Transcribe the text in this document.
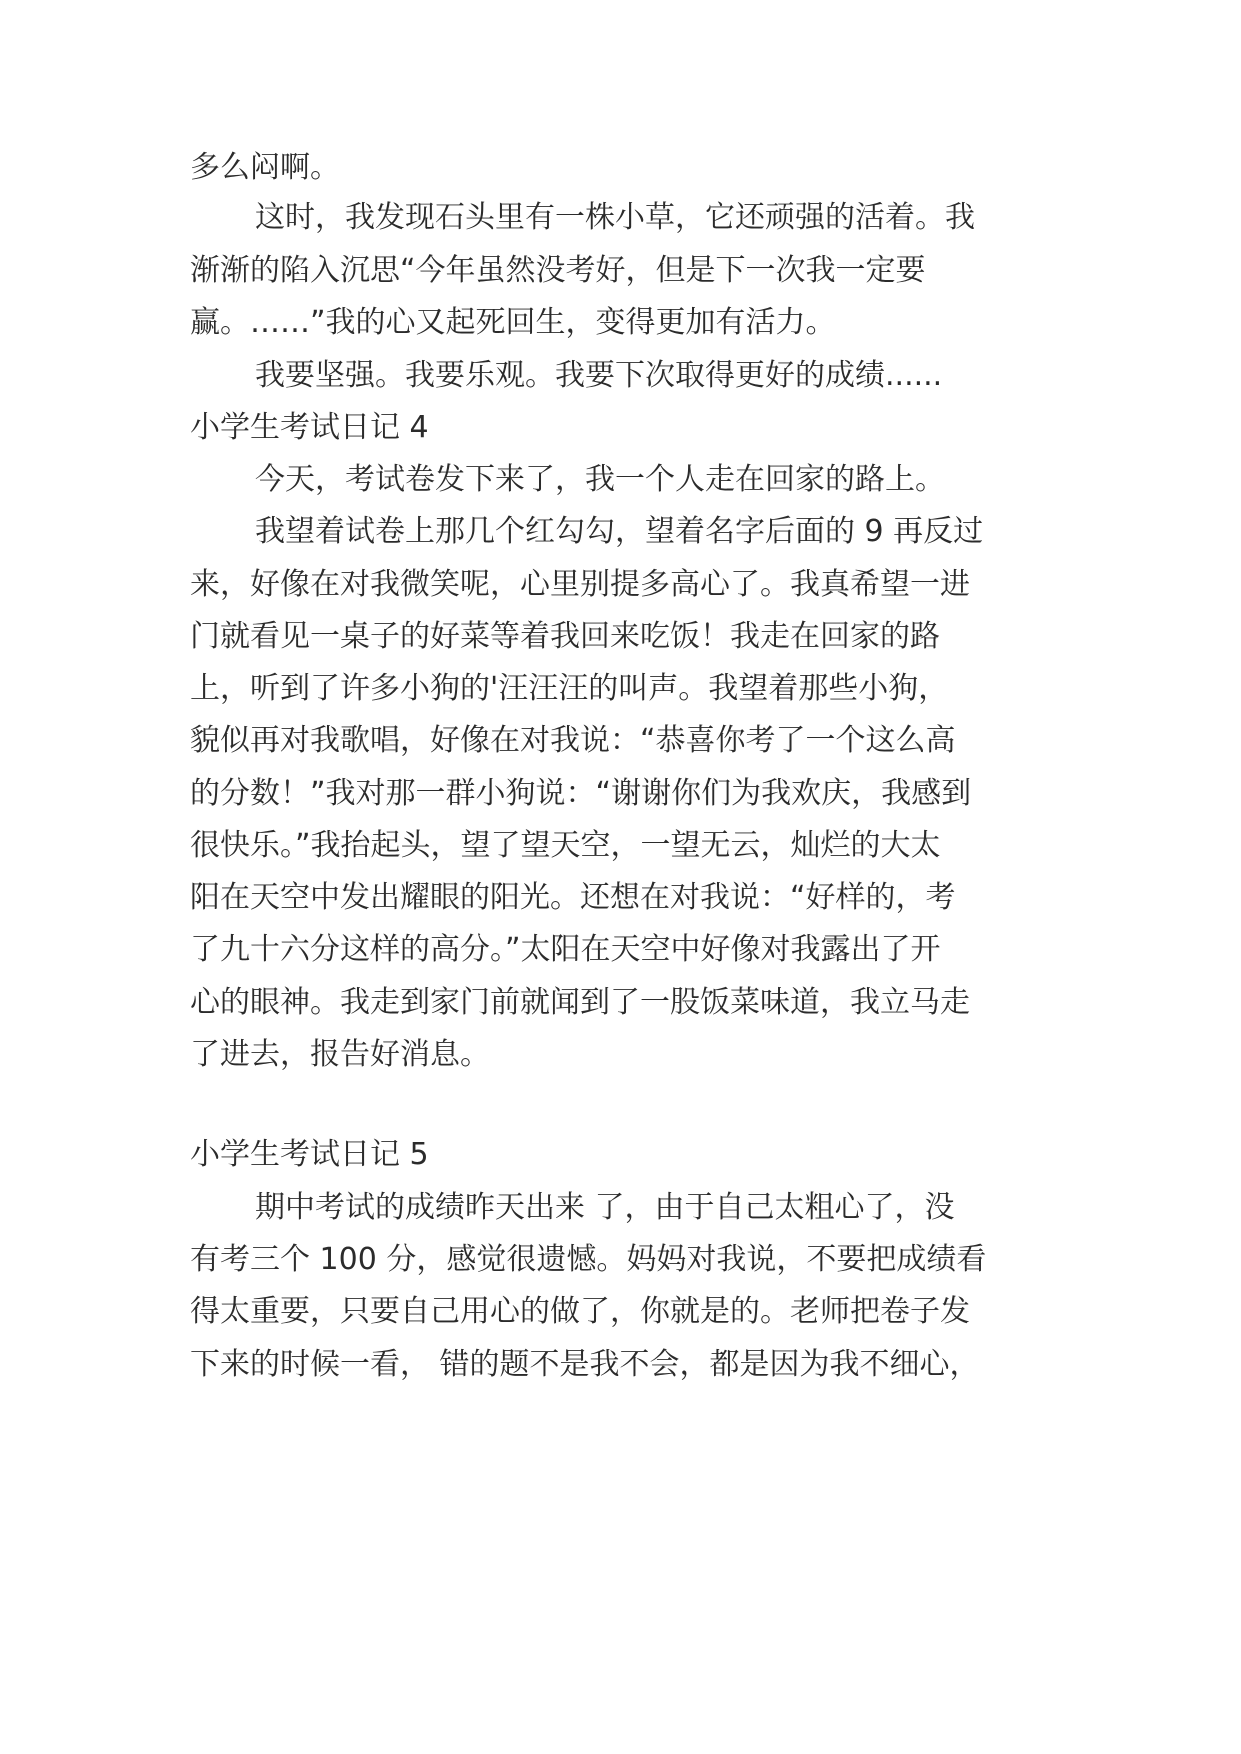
多么闷啊。
这时，我发现石头里有一株小草，它还顽强的活着。我
渐渐的陷入沉思“今年虽然没考好，但是下一次我一定要
赢。……”我的心又起死回生，变得更加有活力。
我要坚强。我要乐观。我要下次取得更好的成绩......
小学生考试日记 4
今天，考试卷发下来了，我一个人走在回家的路上。
我望着试卷上那几个红勾勾，望着名字后面的 9 再反过
来，好像在对我微笑呢，心里别提多高心了。我真希望一进
门就看见一桌子的好菜等着我回来吃饭！我走在回家的路
上，听到了许多小狗的'汪汪汪的叫声。我望着那些小狗，
貌似再对我歌唱，好像在对我说：“恭喜你考了一个这么高
的分数！”我对那一群小狗说：“谢谢你们为我欢庆，我感到
很快乐。”我抬起头，望了望天空，一望无云，灿烂的大太
阳在天空中发出耀眼的阳光。还想在对我说：“好样的，考
了九十六分这样的高分。”太阳在天空中好像对我露出了开
心的眼神。我走到家门前就闻到了一股饭菜味道，我立马走
了进去，报告好消息。
小学生考试日记 5
期中考试的成绩昨天出来 了，由于自己太粗心了，没
有考三个 100 分，感觉很遗憾。妈妈对我说，不要把成绩看
得太重要，只要自己用心的做了，你就是的。老师把卷子发
下来的时候一看， 错的题不是我不会，都是因为我不细心，
